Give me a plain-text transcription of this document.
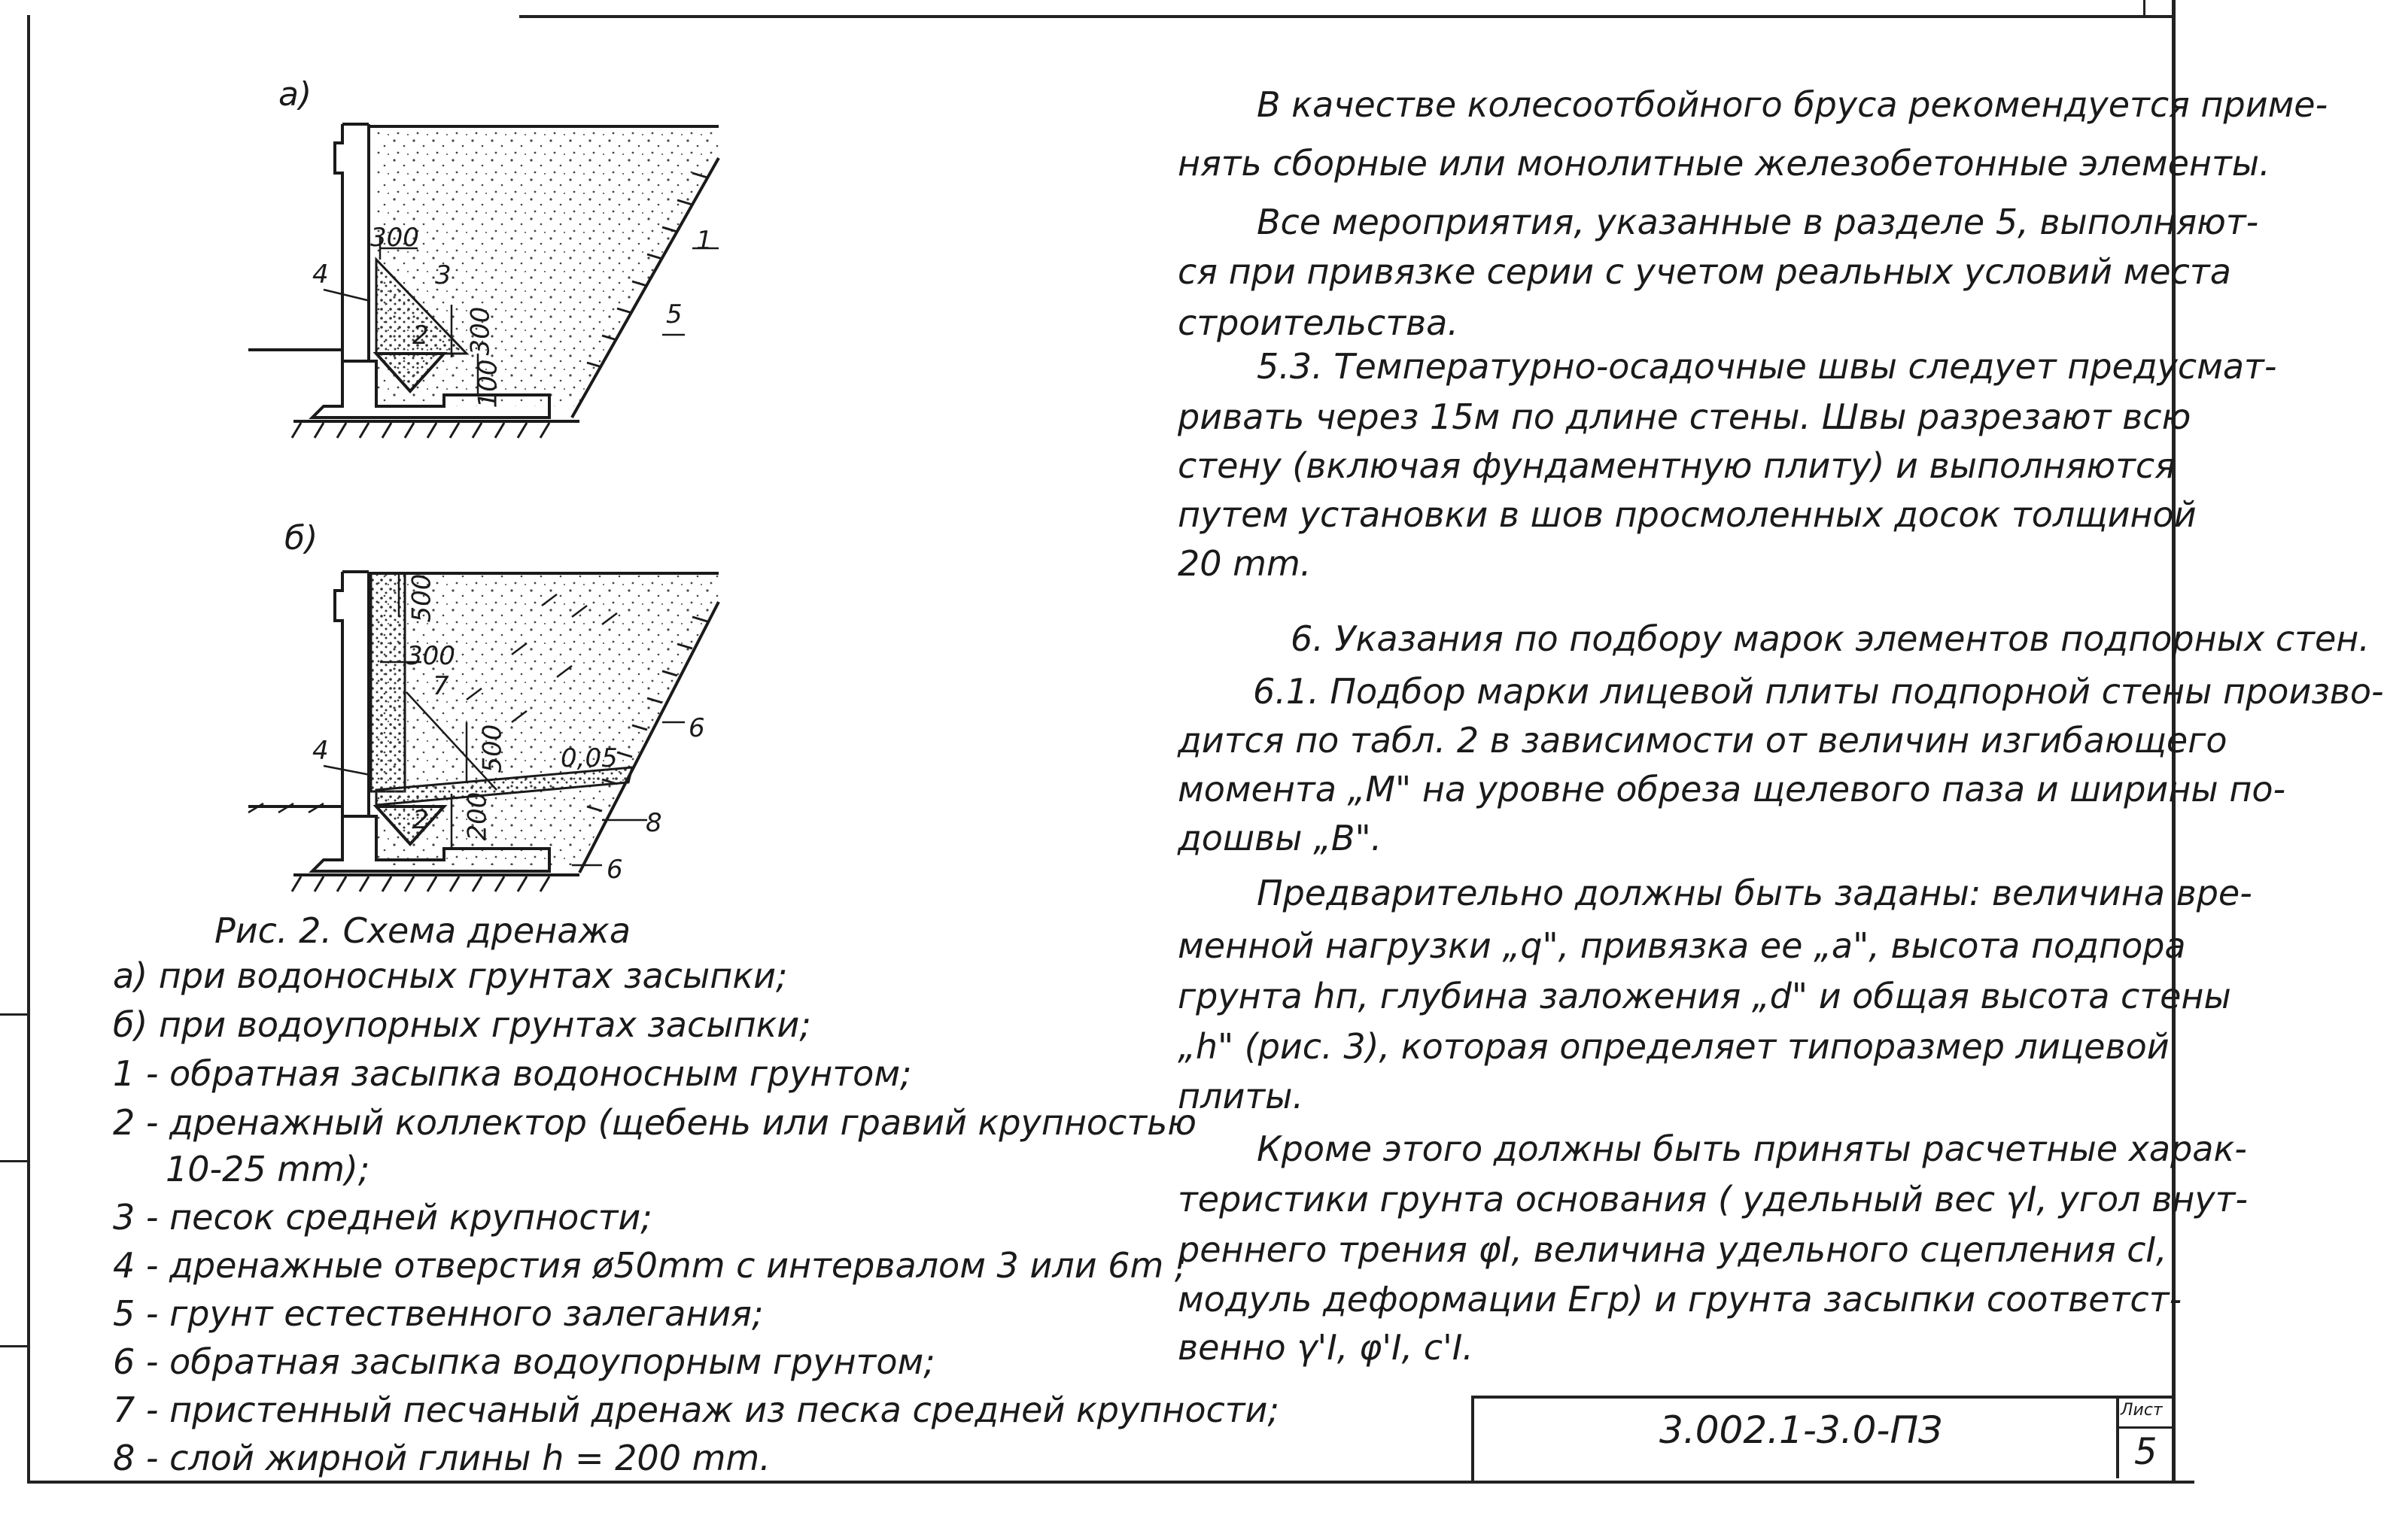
а)
б)
300
300
100
1
2
3
4
5
500
300
500
200
0,05
2
4
6
6
7
8
Рис. 2. Схема дренажа
а) при водоносных грунтах засыпки;
б) при водоупорных грунтах засыпки;
1 - обратная засыпка водоносным грунтом;
2 - дренажный коллектор (щебень или гравий крупностью
10-25 mm);
3 - песок средней крупности;
4 - дренажные отверстия ø50mm с интервалом 3 или 6m ;
5 - грунт естественного залегания;
6 - обратная засыпка водоупорным грунтом;
7 - пристенный песчаный дренаж из песка средней крупности;
8 - слой жирной глины h = 200 mm.
В качестве колесоотбойного бруса рекомендуется приме-
нять сборные или монолитные железобетонные элементы.
Все мероприятия, указанные в разделе 5, выполняют-
ся при привязке серии с учетом реальных условий места
строительства.
5.3. Температурно-осадочные швы следует предусмат-
ривать через 15м по длине стены. Швы разрезают всю
стену (включая фундаментную плиту) и выполняются
путем установки в шов просмоленных досок толщиной
20 mm.
6. Указания по подбору марок элементов подпорных стен.
6.1. Подбор марки лицевой плиты подпорной стены произво-
дится по табл. 2 в зависимости от величин изгибающего
момента „M" на уровне обреза щелевого паза и ширины по-
дошвы „B".
Предварительно должны быть заданы: величина вре-
менной нагрузки „q", привязка ее „a", высота подпора
грунта hп, глубина заложения „d" и общая высота стены
„h" (рис. 3), которая определяет типоразмер лицевой
плиты.
Кроме этого должны быть приняты расчетные харак-
теристики грунта основания ( удельный вес γI, угол внут-
реннего трения φI, величина удельного сцепления cI,
модуль деформации Eгр) и грунта засыпки соответст-
венно γ'I, φ'I, c'I.
3.002.1-3.0-ПЗ	Лист
5
